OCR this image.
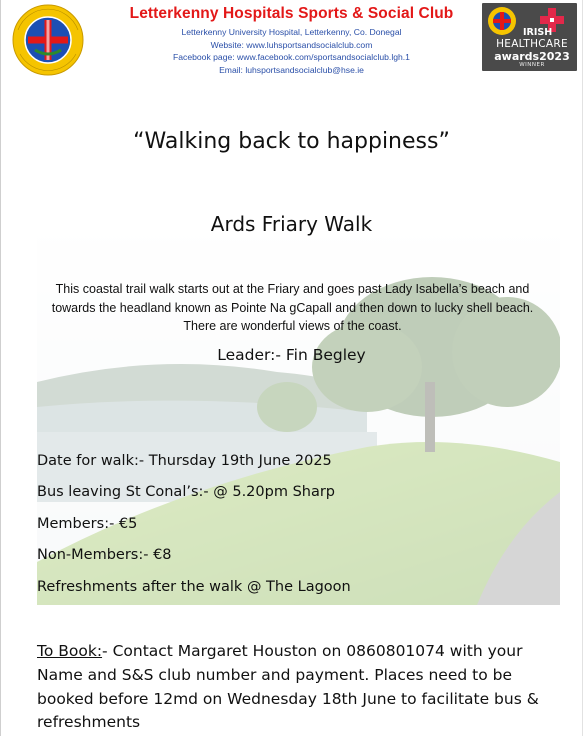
Letterkenny Hospitals Sports & Social Club
Letterkenny University Hospital, Letterkenny, Co. Donegal
Website: www.luhsportsandsocialclub.com
Facebook page: www.facebook.com/sportsandsocialclub.lgh.1
Email: luhsportsandsocialclub@hse.ie
IRISH
HEALTHCARE
awards2023
WINNER
“Walking back to happiness”
Ards Friary Walk
This coastal trail walk starts out at the Friary and goes past Lady Isabella’s beach and towards the headland known as Pointe Na gCapall and then down to lucky shell beach. There are wonderful views of the coast.
Leader:- Fin Begley
Date for walk:- Thursday 19th June 2025
Bus leaving St Conal’s:- @ 5.20pm Sharp
Members:- €5
Non-Members:- €8
Refreshments after the walk @ The Lagoon
To Book:- Contact Margaret Houston on 0860801074 with your Name and S&S club number and payment. Places need to be booked before 12md on Wednesday 18th June to facilitate bus & refreshments
